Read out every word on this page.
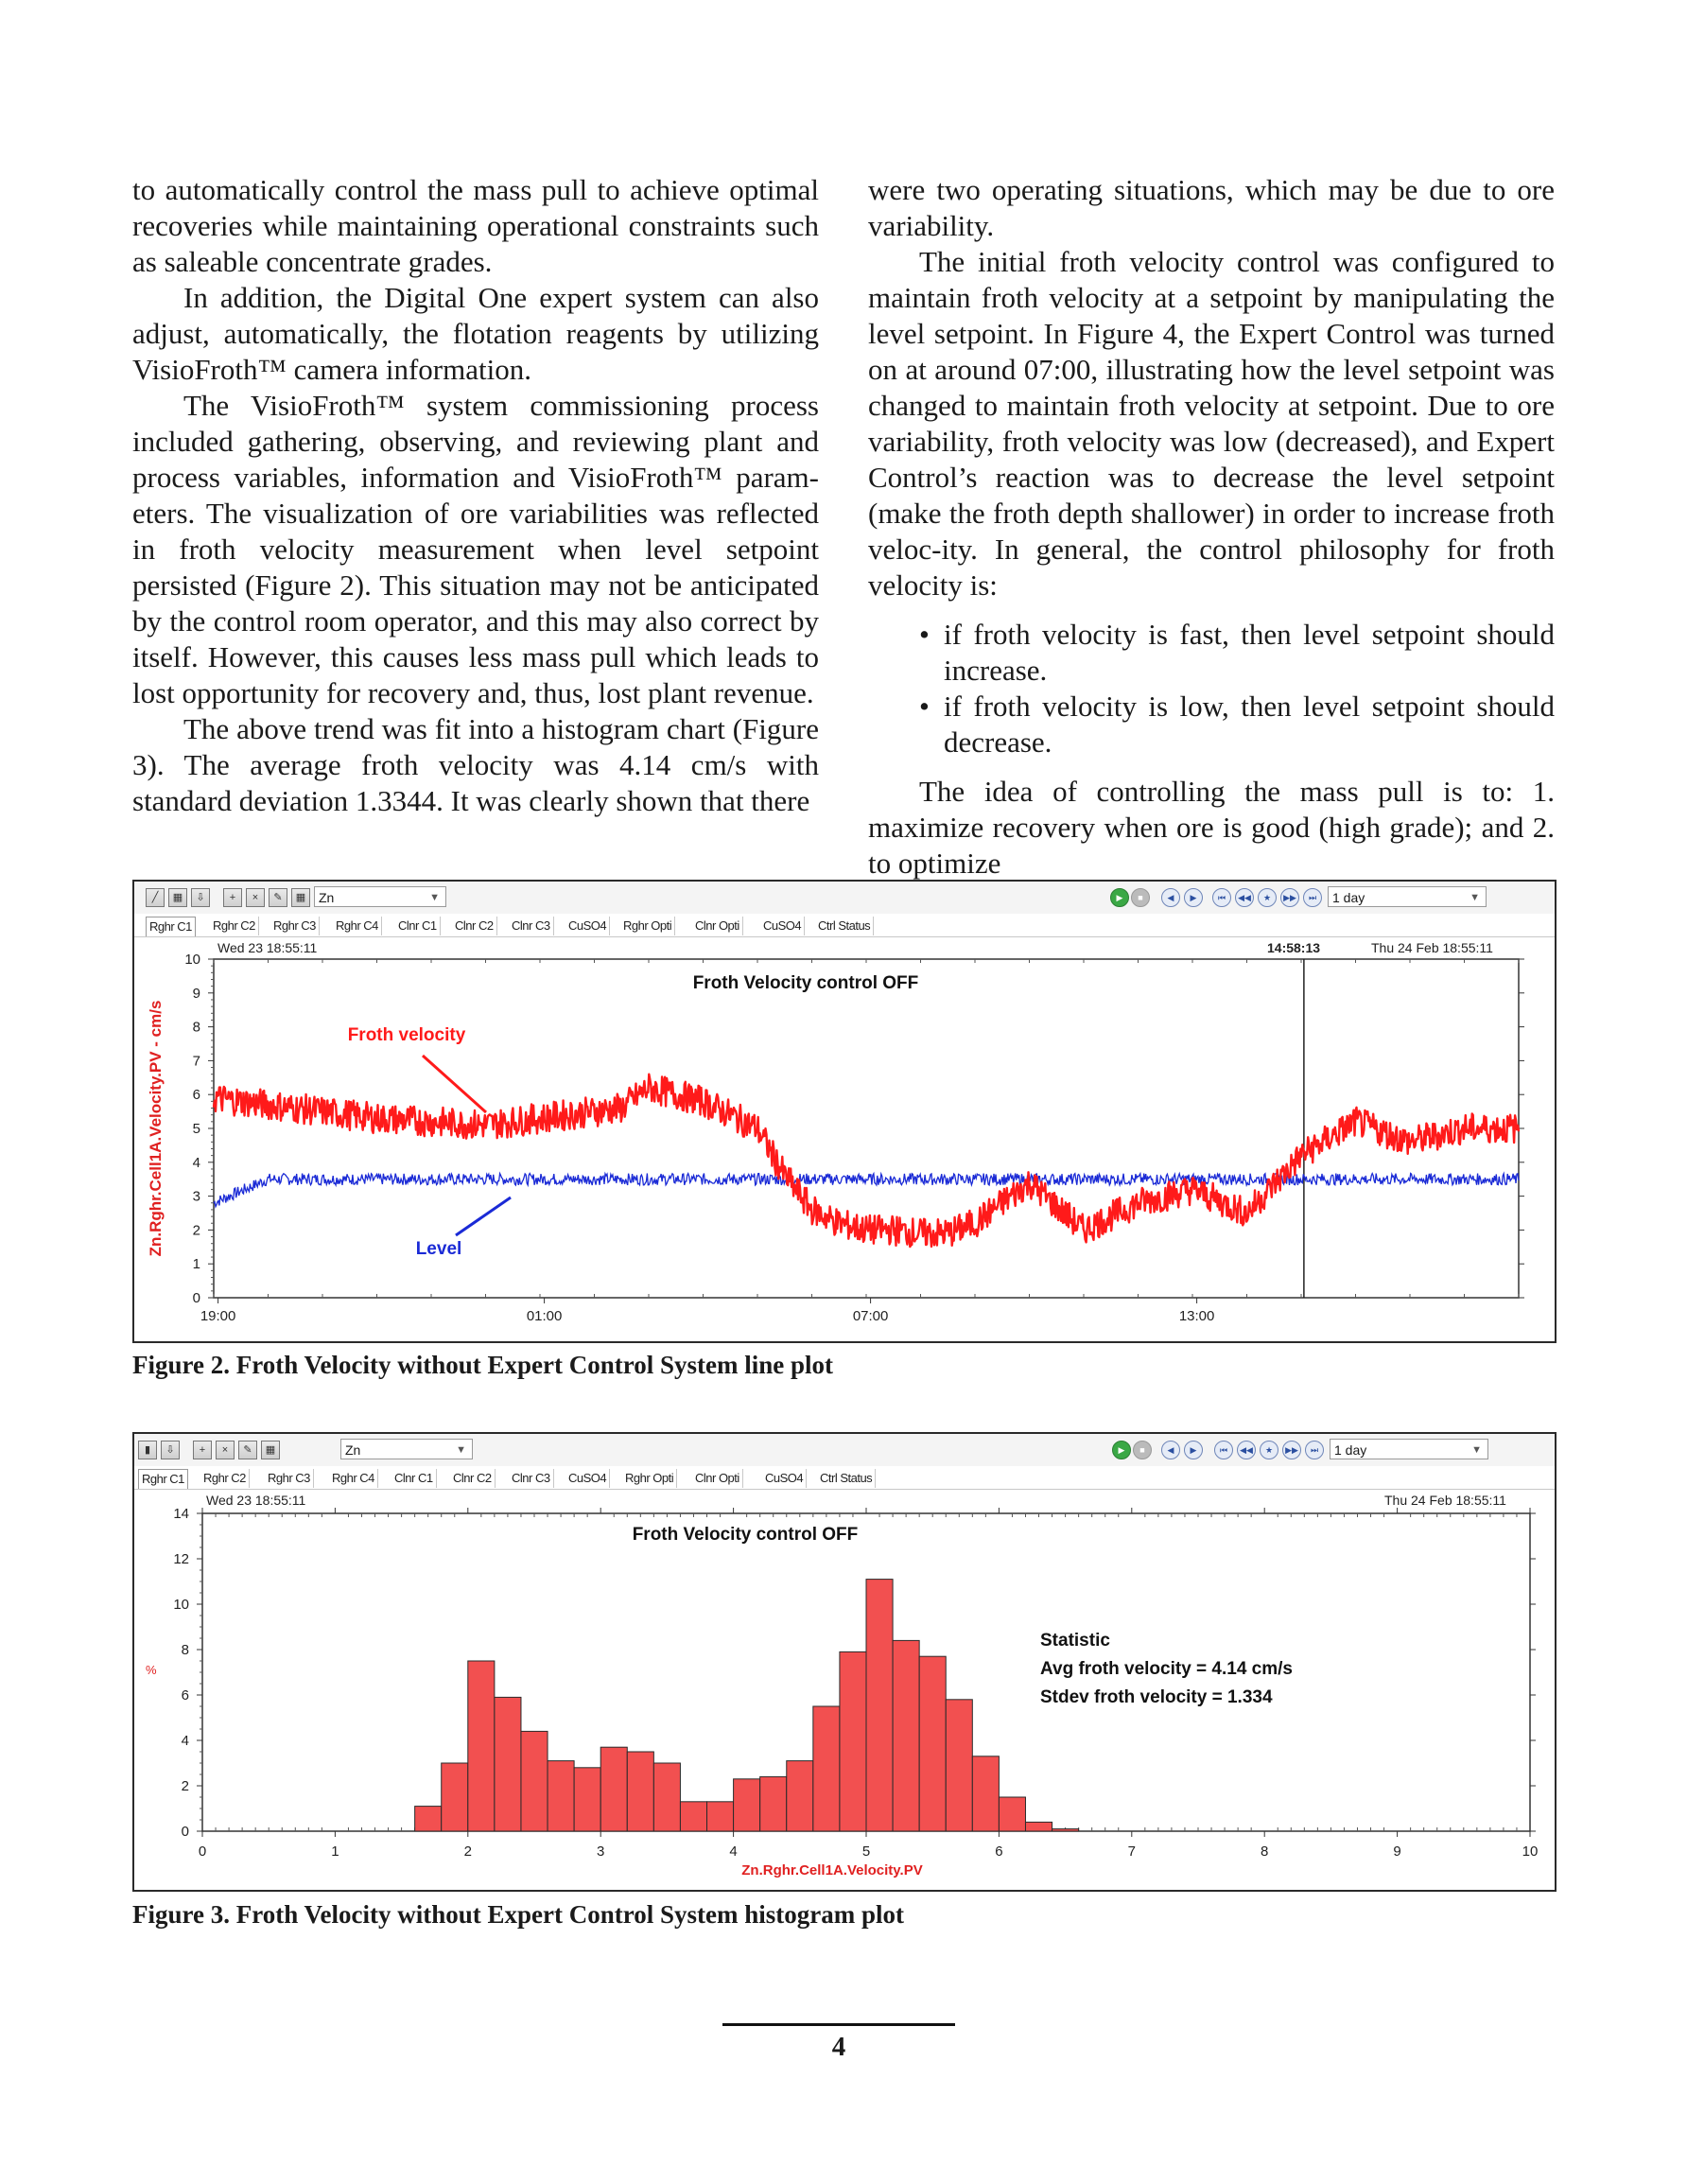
to automatically control the mass pull to achieve optimal recoveries while maintaining operational constraints such as saleable concentrate grades.

In addition, the Digital One expert system can also adjust, automatically, the flotation reagents by utilizing VisioFroth™ camera information.

The VisioFroth™ system commissioning process included gathering, observing, and reviewing plant and process variables, information and VisioFroth™ param-eters. The visualization of ore variabilities was reflected in froth velocity measurement when level setpoint persisted (Figure 2). This situation may not be anticipated by the control room operator, and this may also correct by itself. However, this causes less mass pull which leads to lost opportunity for recovery and, thus, lost plant revenue.

The above trend was fit into a histogram chart (Figure 3). The average froth velocity was 4.14 cm/s with standard deviation 1.3344. It was clearly shown that there

were two operating situations, which may be due to ore variability.

The initial froth velocity control was configured to maintain froth velocity at a setpoint by manipulating the level setpoint. In Figure 4, the Expert Control was turned on at around 07:00, illustrating how the level setpoint was changed to maintain froth velocity at setpoint. Due to ore variability, froth velocity was low (decreased), and Expert Control’s reaction was to decrease the level setpoint (make the froth depth shallower) in order to increase froth veloc-ity. In general, the control philosophy for froth velocity is:

• if froth velocity is fast, then level setpoint should increase.
• if froth velocity is low, then level setpoint should decrease.

The idea of controlling the mass pull is to: 1. maximize recovery when ore is good (high grade); and 2. to optimize

╱	▦	⇩	+	×	✎	▦ Zn	▼	▶	■	◀	▶	⏮	◀◀	★	▶▶	⏭	1 day	▼
Rghr C1	Rghr C2	Rghr C3	Rghr C4	Clnr C1	Clnr C2	Clnr C3	CuSO4	Rghr Opti	Clnr Opti	CuSO4	Ctrl Status
Wed 23 18:55:11	14:58:13	Thu 24 Feb 18:55:11
0
1
2
3
4
5
6
7
8
9
10
19:00	01:00	07:00	13:00
Zn.Rghr.Cell1A.Velocity.PV - cm/s
Froth Velocity control OFF
Froth velocity
Level
Figure 2. Froth Velocity without Expert Control System line plot
▮	⇩	+	×	✎	▦	Zn	▼	▶	■	◀	▶	⏮	◀◀	★	▶▶	⏭	1 day	▼
Rghr C1	Rghr C2	Rghr C3	Rghr C4	Clnr C1	Clnr C2	Clnr C3	CuSO4	Rghr Opti	Clnr Opti	CuSO4	Ctrl Status
Wed 23 18:55:11	Thu 24 Feb 18:55:11
0
2
4
6
8
10
12
14
0	1	2	3	4	5	6	7	8	9	10
%
Zn.Rghr.Cell1A.Velocity.PV
Froth Velocity control OFF
Statistic
Avg froth velocity = 4.14 cm/s
Stdev froth velocity = 1.334
Figure 3. Froth Velocity without Expert Control System histogram plot
4
